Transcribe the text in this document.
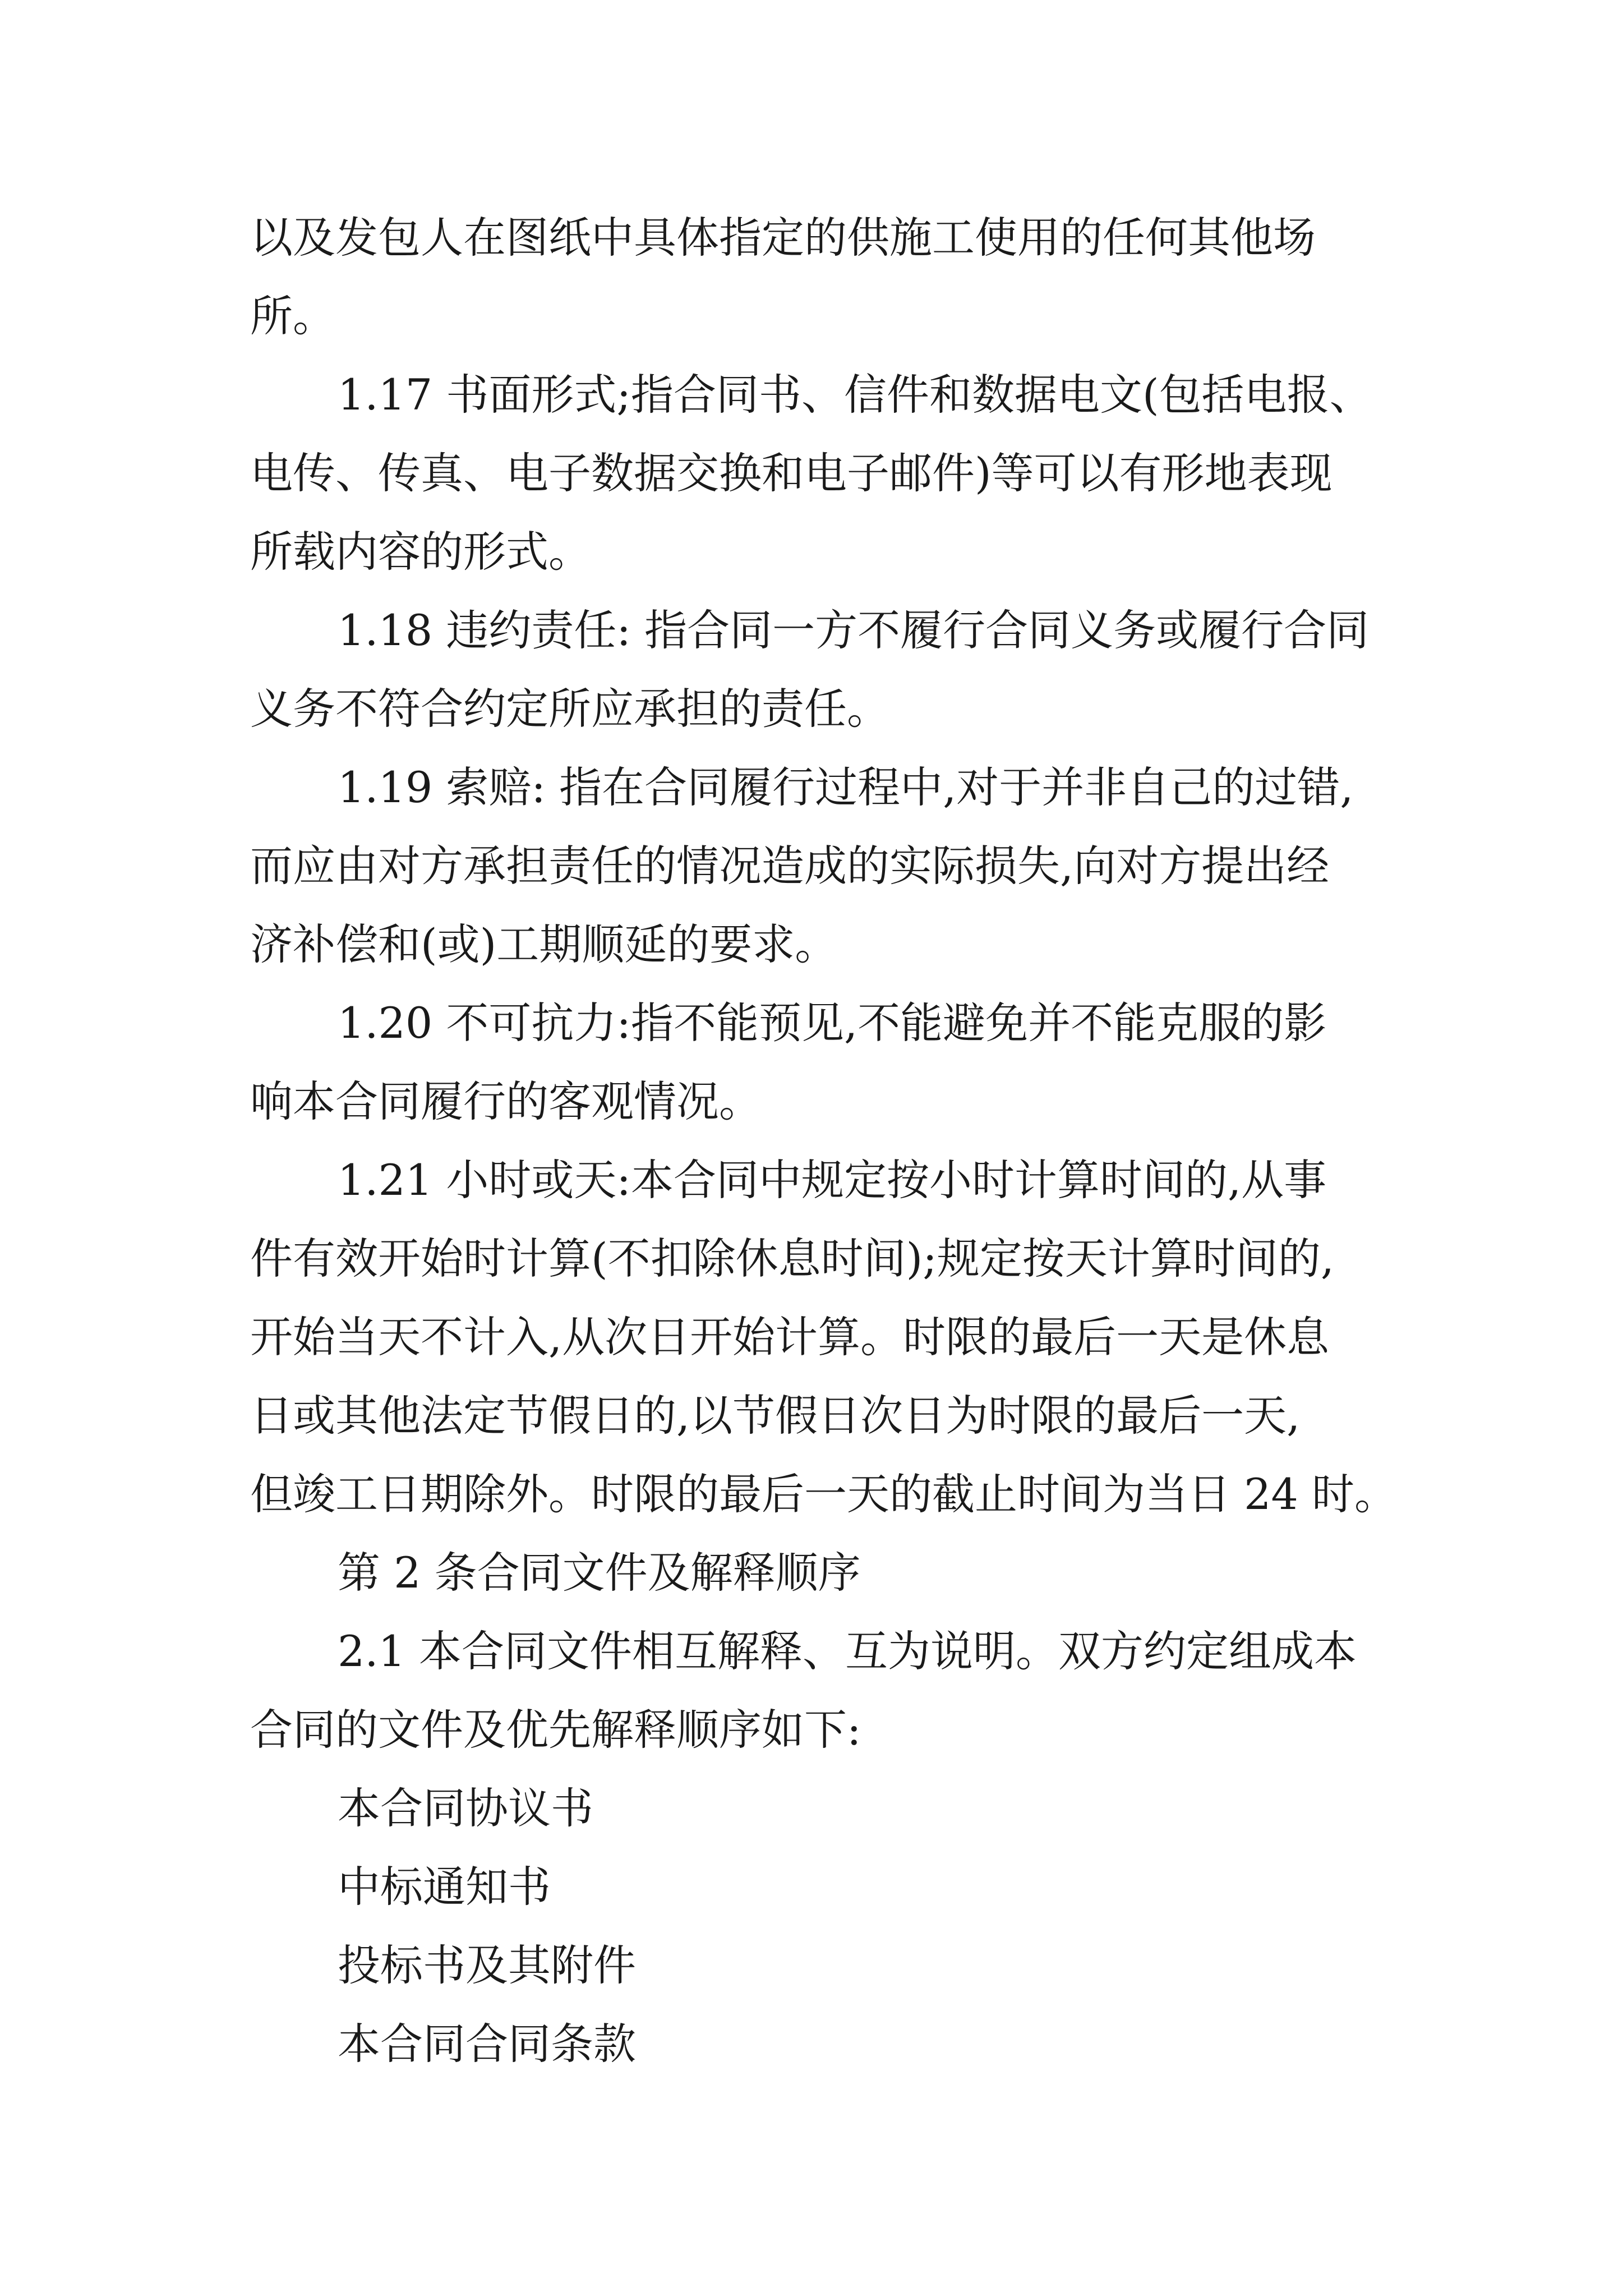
以及发包人在图纸中具体指定的供施工使用的任何其他场

所。

1.17 书面形式;指合同书、信件和数据电文(包括电报、

电传、传真、电子数据交换和电子邮件)等可以有形地表现

所载内容的形式。

1.18 违约责任: 指合同一方不履行合同义务或履行合同

义务不符合约定所应承担的责任。

1.19 索赔: 指在合同履行过程中,对于并非自己的过错,

而应由对方承担责任的情况造成的实际损失,向对方提出经

济补偿和(或)工期顺延的要求。

1.20 不可抗力:指不能预见,不能避免并不能克服的影

响本合同履行的客观情况。

1.21 小时或天:本合同中规定按小时计算时间的,从事

件有效开始时计算(不扣除休息时间);规定按天计算时间的,

开始当天不计入,从次日开始计算。时限的最后一天是休息

日或其他法定节假日的,以节假日次日为时限的最后一天,

但竣工日期除外。时限的最后一天的截止时间为当日 24 时。

第 2 条合同文件及解释顺序

2.1 本合同文件相互解释、互为说明。双方约定组成本

合同的文件及优先解释顺序如下:

本合同协议书

中标通知书

投标书及其附件

本合同合同条款
